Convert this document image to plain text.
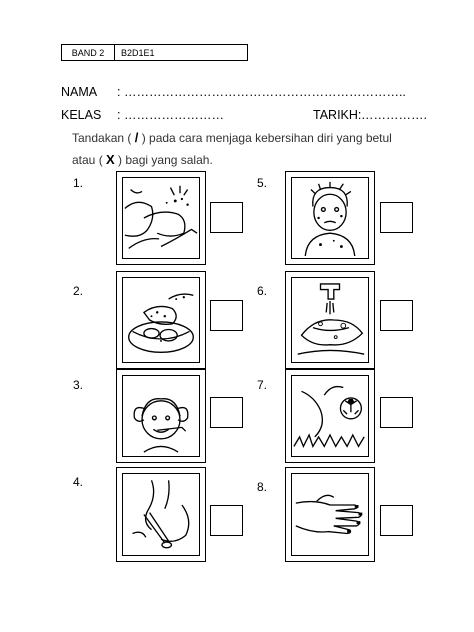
BAND 2	B2D1E1
NAMA : …………………………………………………………..
KELAS : ……………………	TARIKH: …………….
Tandakan ( / ) pada cara menjaga kebersihan diri yang betul
atau ( X ) bagi yang salah.
1.
2.
3.
4.
5.
6.
7.
8.
